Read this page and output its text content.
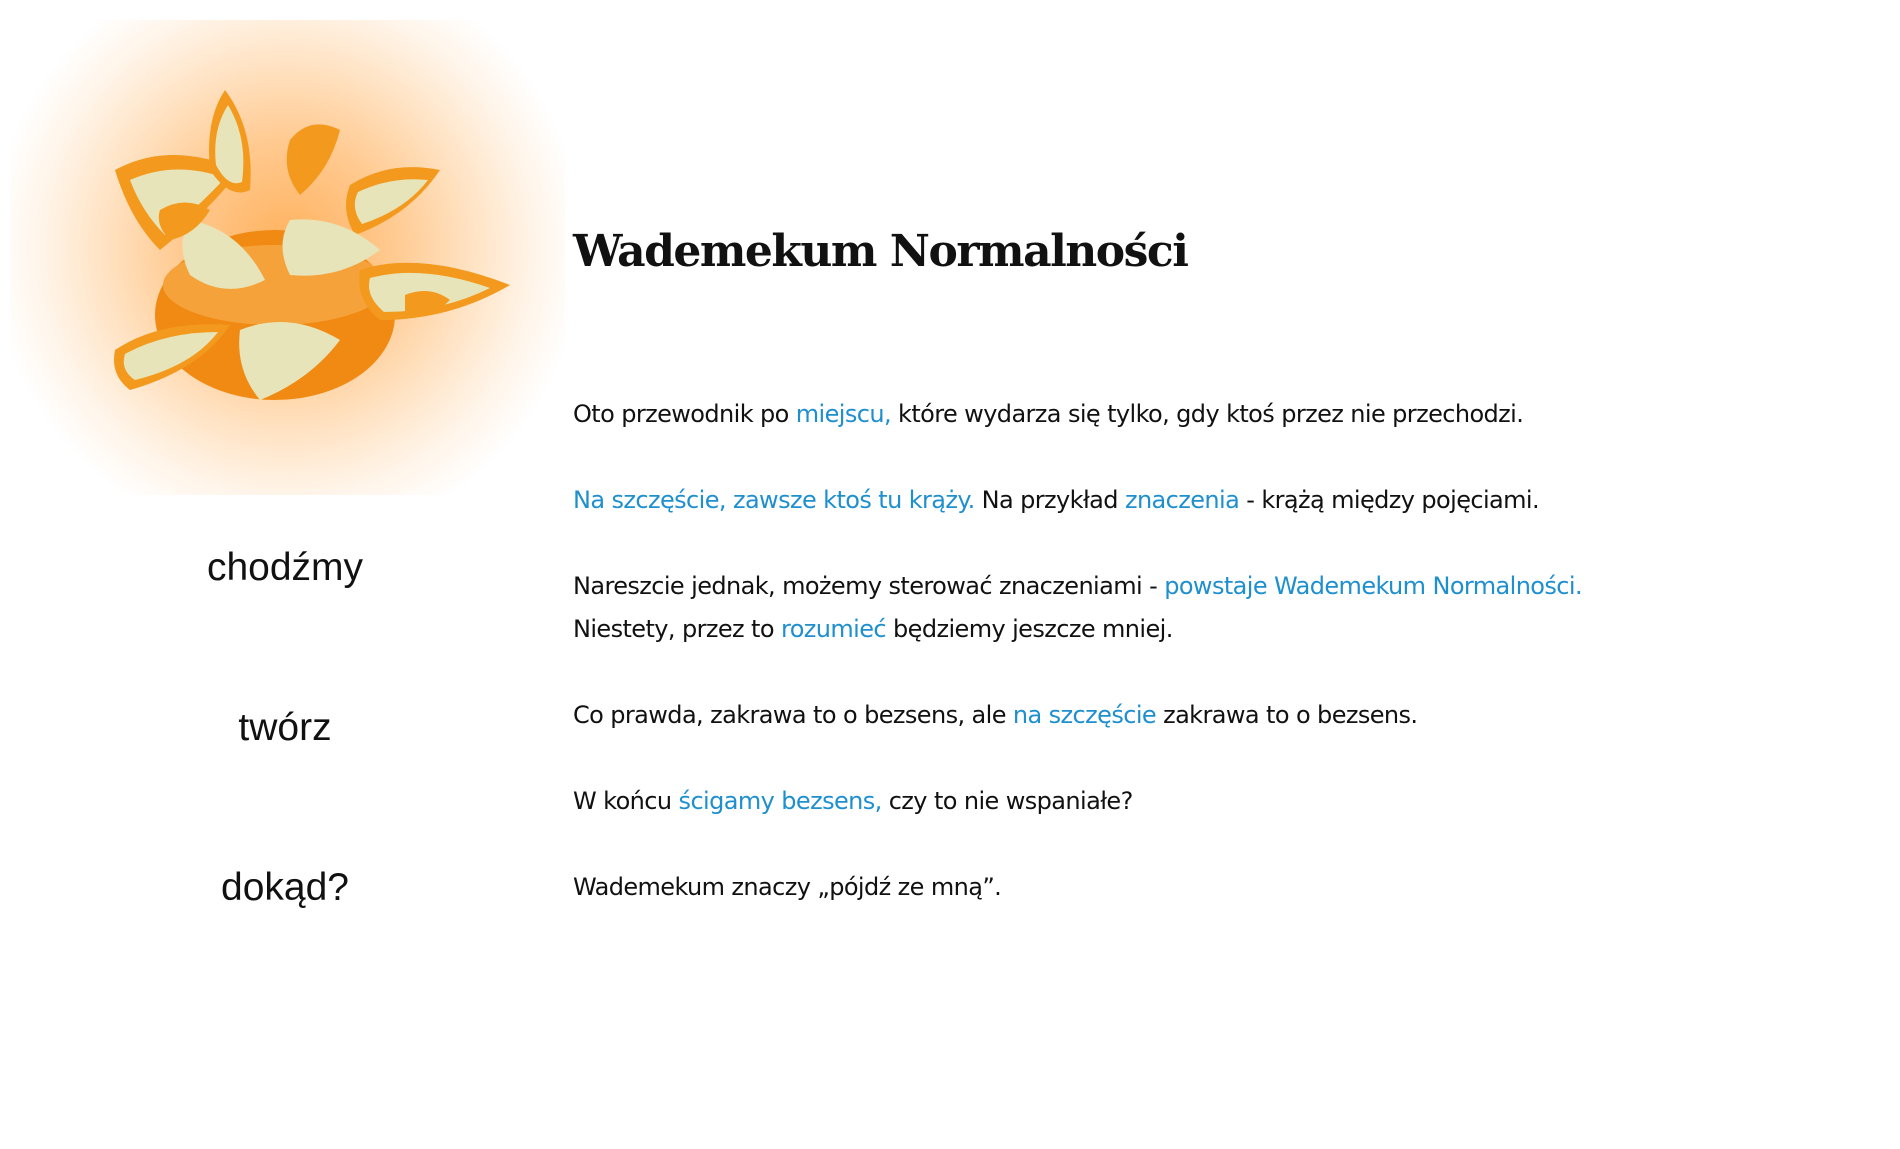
chodźmy
twórz
dokąd?
Wademekum Normalności

Oto przewodnik po miejscu, które wydarza się tylko, gdy ktoś przez nie przechodzi.

Na szczęście, zawsze ktoś tu krąży. Na przykład znaczenia - krążą między pojęciami.

Nareszcie jednak, możemy sterować znaczeniami - powstaje Wademekum Normalności.
Niestety, przez to rozumieć będziemy jeszcze mniej.

Co prawda, zakrawa to o bezsens, ale na szczęście zakrawa to o bezsens.

W końcu ścigamy bezsens, czy to nie wspaniałe?

Wademekum znaczy „pójdź ze mną”.
